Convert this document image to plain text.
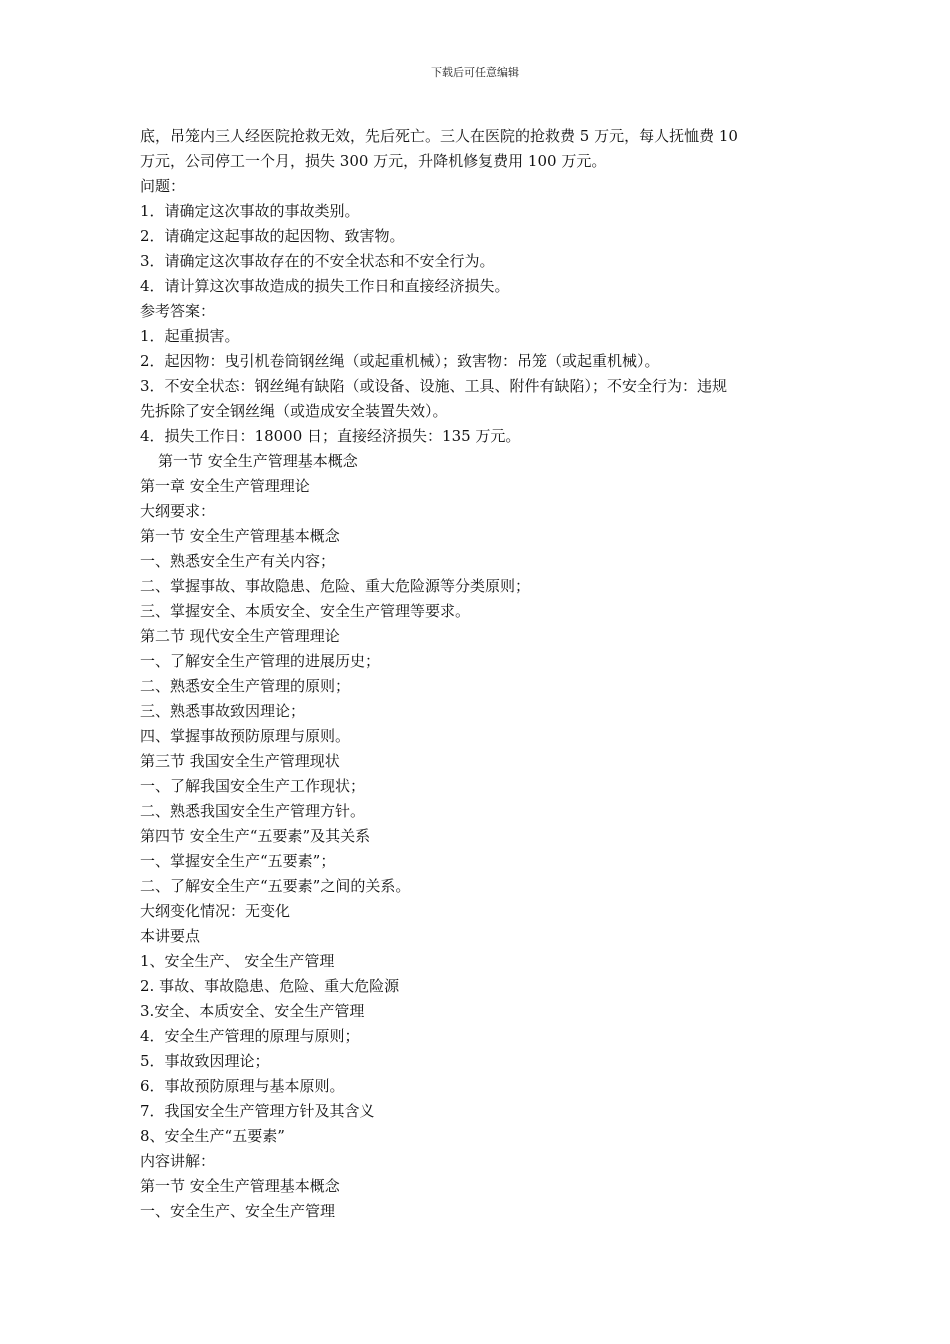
下载后可任意编辑
底，吊笼内三人经医院抢救无效，先后死亡。三人在医院的抢救费 5 万元，每人抚恤费 10
万元，公司停工一个月，损失 300 万元，升降机修复费用 100 万元。
问题：
1．请确定这次事故的事故类别。
2．请确定这起事故的起因物、致害物。
3．请确定这次事故存在的不安全状态和不安全行为。
4．请计算这次事故造成的损失工作日和直接经济损失。
参考答案：
1．起重损害。
2．起因物：曳引机卷筒钢丝绳（或起重机械）；致害物：吊笼（或起重机械）。
3．不安全状态：钢丝绳有缺陷（或设备、设施、工具、附件有缺陷）；不安全行为：违规
先拆除了安全钢丝绳（或造成安全装置失效）。
4．损失工作日：18000 日；直接经济损失：135 万元。
第一节 安全生产管理基本概念
第一章 安全生产管理理论
大纲要求：
第一节 安全生产管理基本概念
一、熟悉安全生产有关内容；
二、掌握事故、事故隐患、危险、重大危险源等分类原则；
三、掌握安全、本质安全、安全生产管理等要求。
第二节 现代安全生产管理理论
一、了解安全生产管理的进展历史；
二、熟悉安全生产管理的原则；
三、熟悉事故致因理论；
四、掌握事故预防原理与原则。
第三节 我国安全生产管理现状
一、了解我国安全生产工作现状；
二、熟悉我国安全生产管理方针。
第四节 安全生产“五要素”及其关系
一、掌握安全生产“五要素”；
二、了解安全生产“五要素”之间的关系。
大纲变化情况：无变化
本讲要点
1、安全生产、 安全生产管理
2. 事故、事故隐患、危险、重大危险源
3.安全、本质安全、安全生产管理
4．安全生产管理的原理与原则；
5．事故致因理论；
6．事故预防原理与基本原则。
7．我国安全生产管理方针及其含义
8、安全生产“五要素”
内容讲解：
第一节 安全生产管理基本概念
一、安全生产、安全生产管理
